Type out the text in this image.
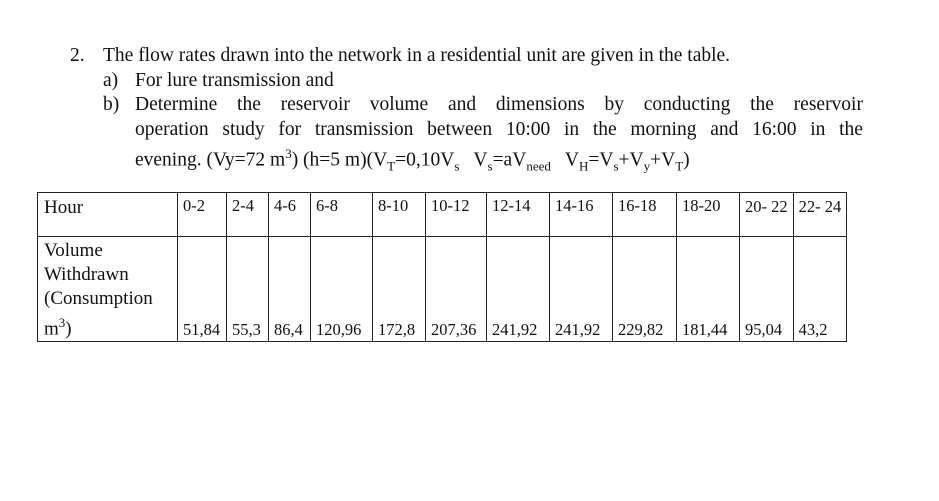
2. The flow rates drawn into the network in a residential unit are given in the table.
a) For lure transmission and
b) Determine the reservoir volume and dimensions by conducting the reservoir
operation study for transmission between 10:00 in the morning and 16:00 in the
evening. (Vy=72 $m^3$) (h=5 $m)(V_T=0,10V_s$ $V_s=aV_{need}$ $V_H=V_s+V_y+V_T$)
Hour	0-2	2-4	4-6	6-8	8-10	10-12	12-14	14-16	16-18	18-20	20- 22	22- 24

Volume
Withdrawn
(Consumption
$m^3$)	51,84	55,3	86,4	120,96	172,8	207,36	241,92	241,92	229,82	181,44	95,04	43,2
